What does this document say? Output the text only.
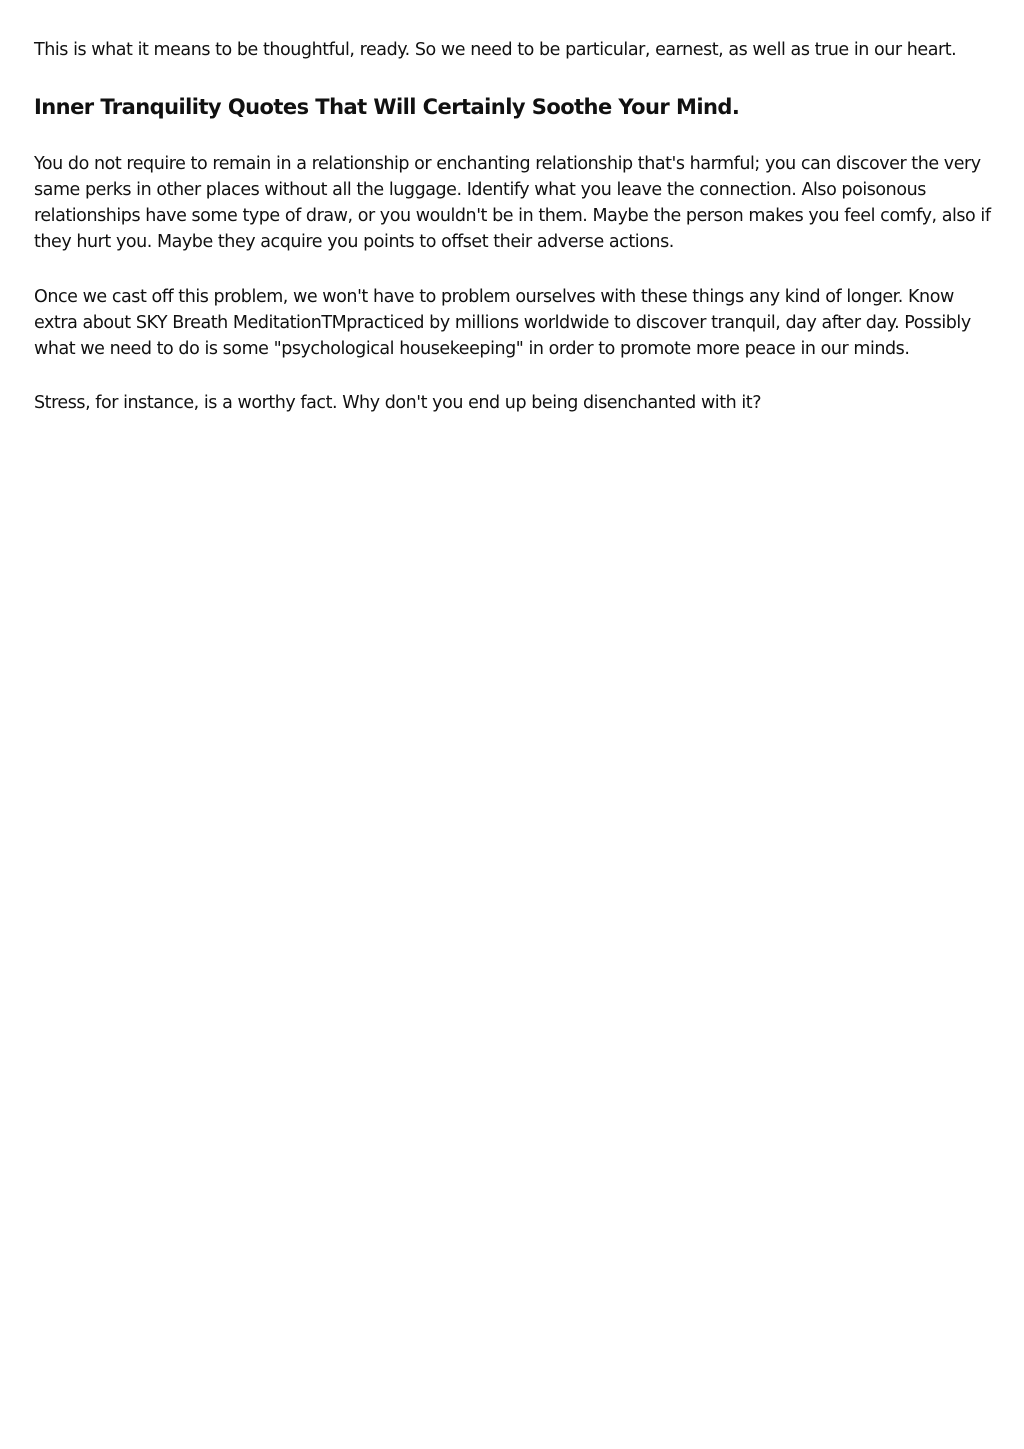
This is what it means to be thoughtful, ready. So we need to be particular, earnest, as well as true in our heart.

Inner Tranquility Quotes That Will Certainly Soothe Your Mind.

You do not require to remain in a relationship or enchanting relationship that's harmful; you can discover the very same perks in other places without all the luggage. Identify what you leave the connection. Also poisonous relationships have some type of draw, or you wouldn't be in them. Maybe the person makes you feel comfy, also if they hurt you. Maybe they acquire you points to offset their adverse actions.

Once we cast off this problem, we won't have to problem ourselves with these things any kind of longer. Know extra about SKY Breath MeditationTMpracticed by millions worldwide to discover tranquil, day after day. Possibly what we need to do is some "psychological housekeeping" in order to promote more peace in our minds.

Stress, for instance, is a worthy fact. Why don't you end up being disenchanted with it?
